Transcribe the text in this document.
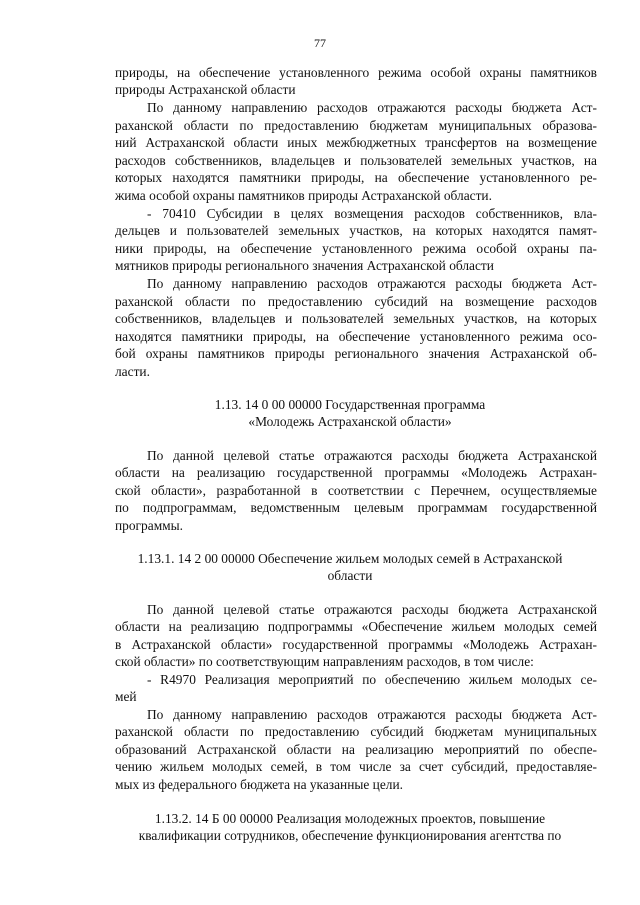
77
природы, на обеспечение установленного режима особой охраны памятников
природы Астраханской области
По данному направлению расходов отражаются расходы бюджета Аст-
раханской области по предоставлению бюджетам муниципальных образова-
ний Астраханской области иных межбюджетных трансфертов на возмещение
расходов собственников, владельцев и пользователей земельных участков, на
которых находятся памятники природы, на обеспечение установленного ре-
жима особой охраны памятников природы Астраханской области.
- 70410 Субсидии в целях возмещения расходов собственников, вла-
дельцев и пользователей земельных участков, на которых находятся памят-
ники природы, на обеспечение установленного режима особой охраны па-
мятников природы регионального значения Астраханской области
По данному направлению расходов отражаются расходы бюджета Аст-
раханской области по предоставлению субсидий на возмещение расходов
собственников, владельцев и пользователей земельных участков, на которых
находятся памятники природы, на обеспечение установленного режима осо-
бой охраны памятников природы регионального значения Астраханской об-
ласти.
1.13. 14 0 00 00000 Государственная программа
«Молодежь Астраханской области»
По данной целевой статье отражаются расходы бюджета Астраханской
области на реализацию государственной программы «Молодежь Астрахан-
ской области», разработанной в соответствии с Перечнем, осуществляемые
по подпрограммам, ведомственным целевым программам государственной
программы.
1.13.1. 14 2 00 00000 Обеспечение жильем молодых семей в Астраханской
области
По данной целевой статье отражаются расходы бюджета Астраханской
области на реализацию подпрограммы «Обеспечение жильем молодых семей
в Астраханской области» государственной программы «Молодежь Астрахан-
ской области» по соответствующим направлениям расходов, в том числе:
- R4970 Реализация мероприятий по обеспечению жильем молодых се-
мей
По данному направлению расходов отражаются расходы бюджета Аст-
раханской области по предоставлению субсидий бюджетам муниципальных
образований Астраханской области на реализацию мероприятий по обеспе-
чению жильем молодых семей, в том числе за счет субсидий, предоставляе-
мых из федерального бюджета на указанные цели.
1.13.2. 14 Б 00 00000 Реализация молодежных проектов, повышение
квалификации сотрудников, обеспечение функционирования агентства по
